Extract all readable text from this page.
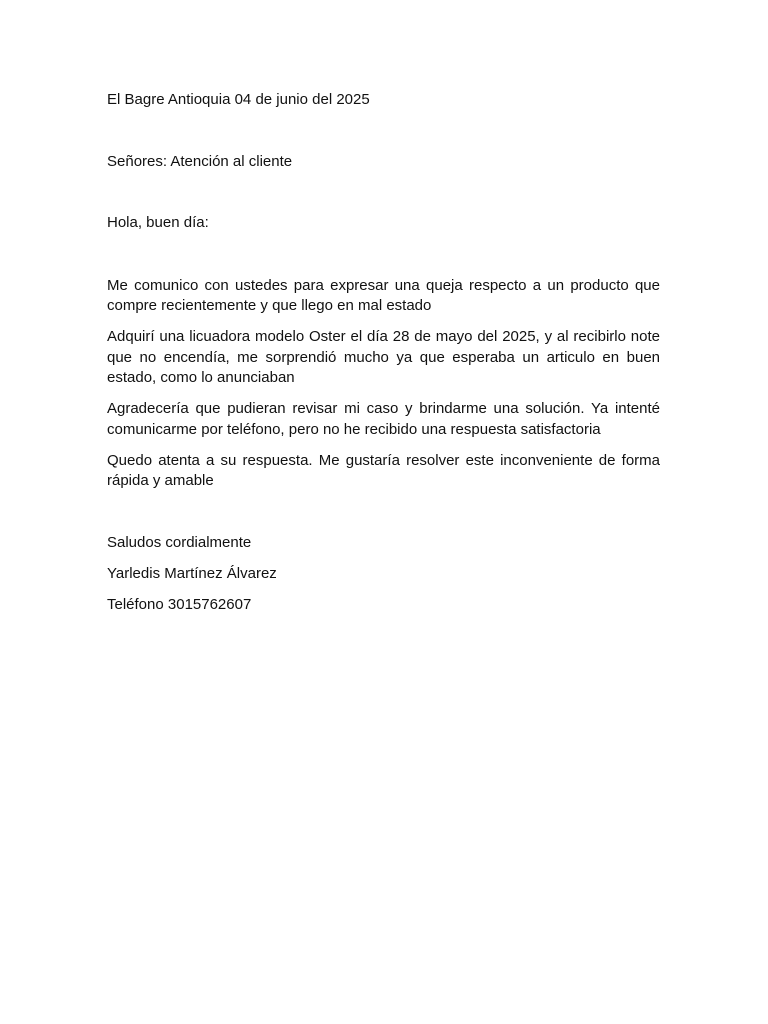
El Bagre Antioquia 04 de junio del 2025

Señores: Atención al cliente

Hola, buen día:

Me comunico con ustedes para expresar una queja respecto a un producto que compre recientemente y que llego en mal estado

Adquirí una licuadora modelo Oster el día 28 de mayo del 2025, y al recibirlo note que no encendía, me sorprendió mucho ya que esperaba un articulo en buen estado, como lo anunciaban

Agradecería que pudieran revisar mi caso y brindarme una solución. Ya intenté comunicarme por teléfono, pero no he recibido una respuesta satisfactoria

Quedo atenta a su respuesta. Me gustaría resolver este inconveniente de forma rápida y amable

Saludos cordialmente

Yarledis Martínez Álvarez

Teléfono 3015762607
